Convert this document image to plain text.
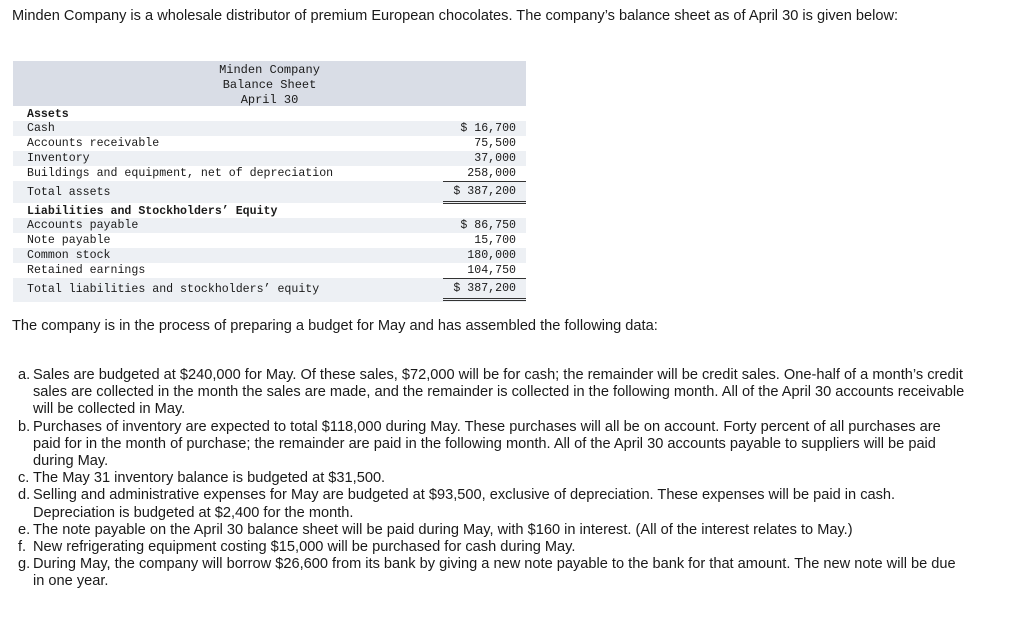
Minden Company is a wholesale distributor of premium European chocolates. The company’s balance sheet as of April 30 is given below:
Minden Company
Balance Sheet
April 30
Assets
Cash	$ 16,700
Accounts receivable	75,500
Inventory	37,000
Buildings and equipment, net of depreciation	258,000
Total assets	$ 387,200
Liabilities and Stockholders’ Equity
Accounts payable	$ 86,750
Note payable	15,700
Common stock	180,000
Retained earnings	104,750
Total liabilities and stockholders’ equity	$ 387,200
The company is in the process of preparing a budget for May and has assembled the following data:
a. Sales are budgeted at $240,000 for May. Of these sales, $72,000 will be for cash; the remainder will be credit sales. One-half of a month’s credit sales are collected in the month the sales are made, and the remainder is collected in the following month. All of the April 30 accounts receivable will be collected in May.
b. Purchases of inventory are expected to total $118,000 during May. These purchases will all be on account. Forty percent of all purchases are paid for in the month of purchase; the remainder are paid in the following month. All of the April 30 accounts payable to suppliers will be paid during May.
c. The May 31 inventory balance is budgeted at $31,500.
d. Selling and administrative expenses for May are budgeted at $93,500, exclusive of depreciation. These expenses will be paid in cash. Depreciation is budgeted at $2,400 for the month.
e. The note payable on the April 30 balance sheet will be paid during May, with $160 in interest. (All of the interest relates to May.)
f. New refrigerating equipment costing $15,000 will be purchased for cash during May.
g. During May, the company will borrow $26,600 from its bank by giving a new note payable to the bank for that amount. The new note will be due in one year.
